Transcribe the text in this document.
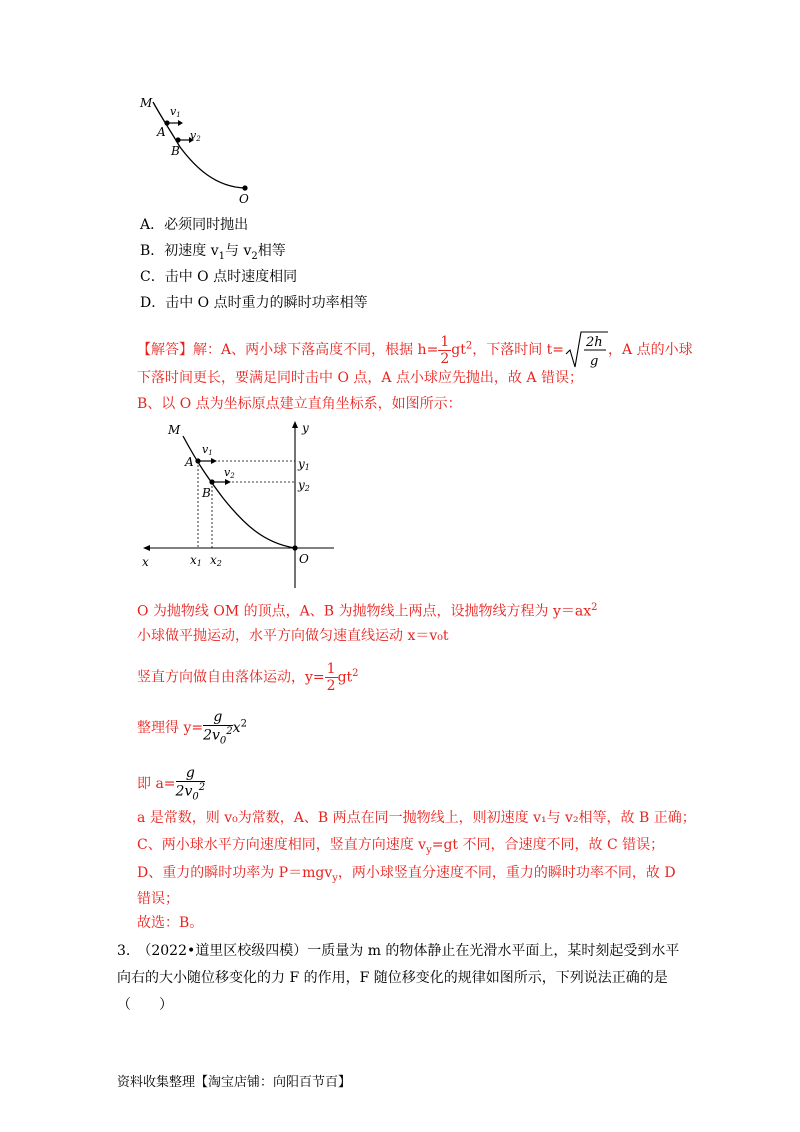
M
A
B
O
v1
v2
A．必须同时抛出
B．初速度 $v_1$与 $v_2$相等
C．击中 O 点时速度相同
D．击中 O 点时重力的瞬时功率相等
【解答】解：A、两小球下落高度不同，根据 $h= \frac{1}{2} gt^2$，下落时间 t= 2h
g
，A 点的小球
下落时间更长，要满足同时击中 O 点，A 点小球应先抛出，故 A 错误；
B、以 O 点为坐标原点建立直角坐标系，如图所示：
M
A
B
O
x
y
v1
v2
y1
y2
x1 x2
O 为抛物线 OM 的顶点，A、B 为抛物线上两点，设抛物线方程为 $y=ax^2$
小球做平抛运动，水平方向做匀速直线运动 x＝v₀t
竖直方向做自由落体运动，$y= \frac{1}{2} gt^2$
整理得 $y= \frac{g}{2v_0^2} x^2$
即 $a= \frac{g}{2v_0^2}$
a 是常数，则 v₀为常数，A、B 两点在同一抛物线上，则初速度 v₁与 v₂相等，故 B 正确；
C、两小球水平方向速度相同，竖直方向速度 $v_y=gt$ 不同，合速度不同，故 C 错误；
D、重力的瞬时功率为 P＝mgv$_y$，两小球竖直分速度不同，重力的瞬时功率不同，故 D
错误；
故选：B。
3.　（2022•道里区校级四模）一质量为 m 的物体静止在光滑水平面上，某时刻起受到水平向右的大小随位移变化的力 F 的作用，F 随位移变化的规律如图所示，下列说法正确的是（　　）
资料收集整理【淘宝店铺：向阳百节百】
